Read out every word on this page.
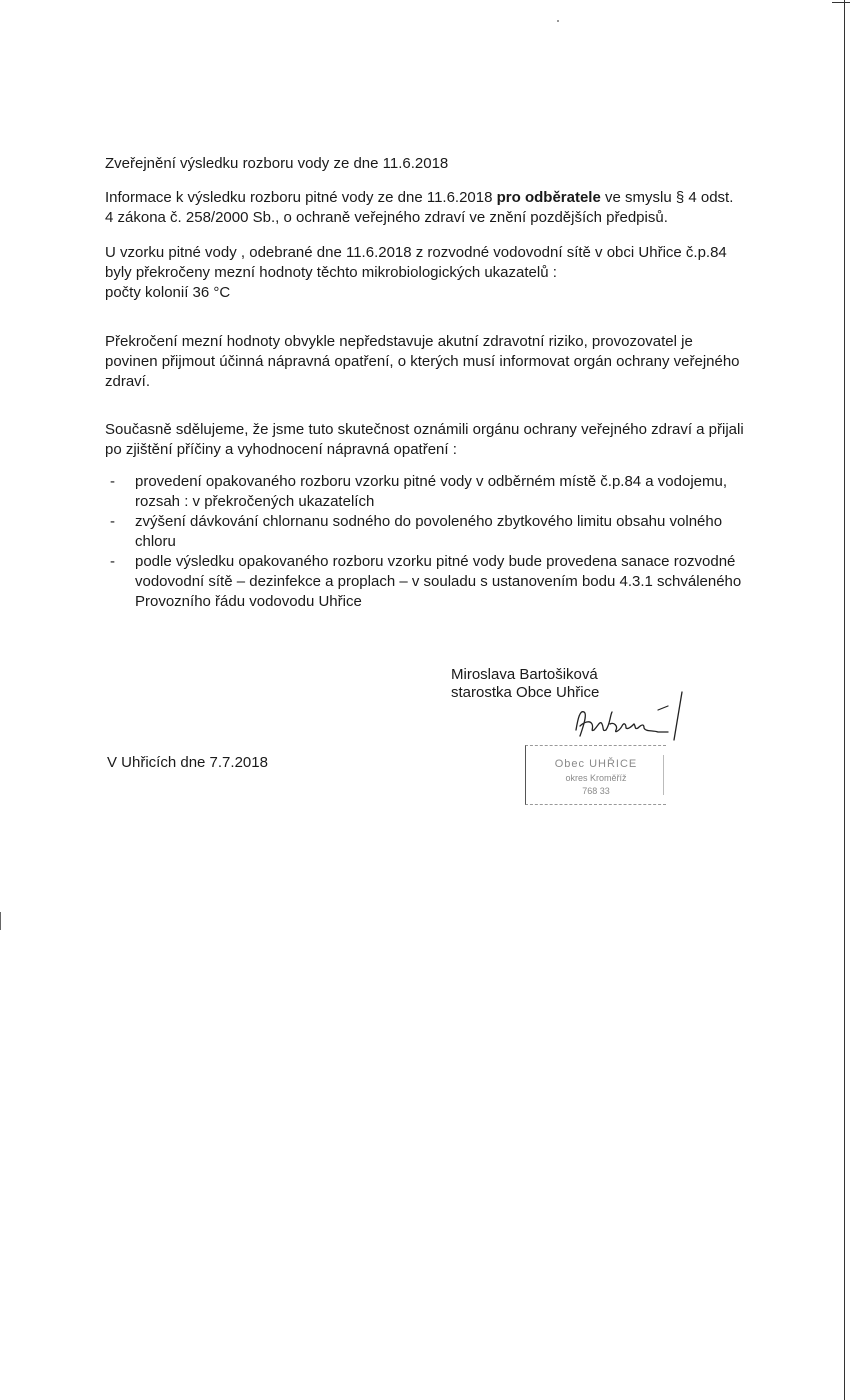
Zveřejnění výsledku rozboru vody ze dne 11.6.2018

Informace k výsledku rozboru pitné vody ze dne 11.6.2018 pro odběratele ve smyslu § 4 odst. 4 zákona č. 258/2000 Sb., o ochraně veřejného zdraví ve znění pozdějších předpisů.

U vzorku pitné vody , odebrané dne 11.6.2018 z rozvodné vodovodní sítě v obci Uhřice č.p.84 byly překročeny mezní hodnoty těchto mikrobiologických ukazatelů :
počty kolonií 36 °C

Překročení mezní hodnoty obvykle nepředstavuje akutní zdravotní riziko, provozovatel je povinen přijmout účinná nápravná opatření, o kterých musí informovat orgán ochrany veřejného zdraví.

Současně sdělujeme, že jsme tuto skutečnost oznámili orgánu ochrany veřejného zdraví a přijali po zjištění příčiny a vyhodnocení nápravná opatření :

- provedení opakovaného rozboru vzorku pitné vody v odběrném místě č.p.84 a vodojemu, rozsah : v překročených ukazatelích
- zvýšení dávkování chlornanu sodného do povoleného zbytkového limitu obsahu volného chloru
- podle výsledku opakovaného rozboru vzorku pitné vody bude provedena sanace rozvodné vodovodní sítě – dezinfekce a proplach – v souladu s ustanovením bodu 4.3.1 schváleného Provozního řádu vodovodu Uhřice
Miroslava Bartošiková
starostka Obce Uhřice
Obec UHŘICE
okres Kroměříž
768 33
V Uhřicích dne 7.7.2018
